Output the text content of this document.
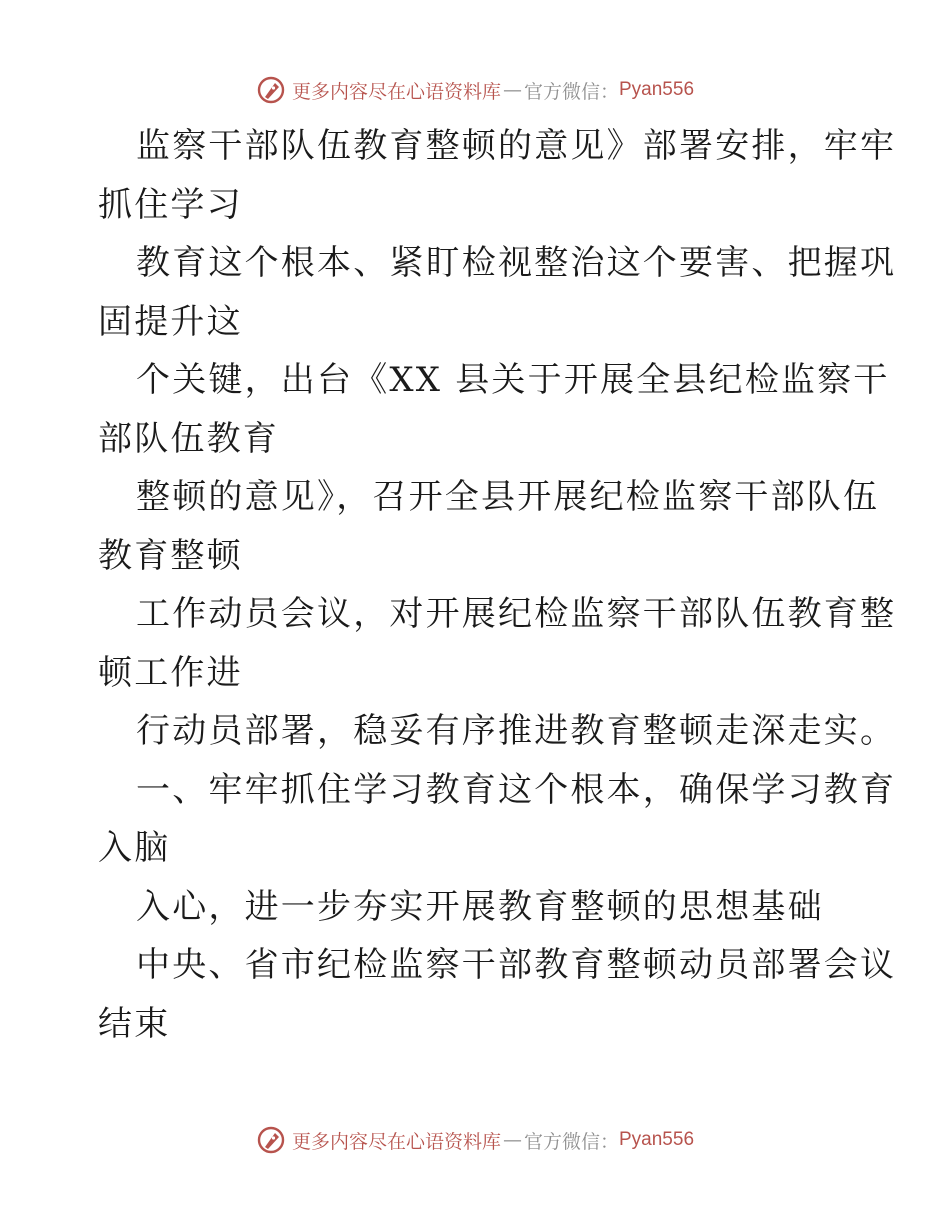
更多内容尽在心语资料库 — 官方微信： Pyan556
监察干部队伍教育整顿的意见》部署安排，牢牢
抓住学习
教育这个根本、紧盯检视整治这个要害、把握巩
固提升这
个关键，出台《XX 县关于开展全县纪检监察干
部队伍教育
整顿的意见》，召开全县开展纪检监察干部队伍
教育整顿
工作动员会议，对开展纪检监察干部队伍教育整
顿工作进
行动员部署，稳妥有序推进教育整顿走深走实。
一、牢牢抓住学习教育这个根本，确保学习教育
入脑
入心，进一步夯实开展教育整顿的思想基础
中央、省市纪检监察干部教育整顿动员部署会议
结束
更多内容尽在心语资料库 — 官方微信： Pyan556
